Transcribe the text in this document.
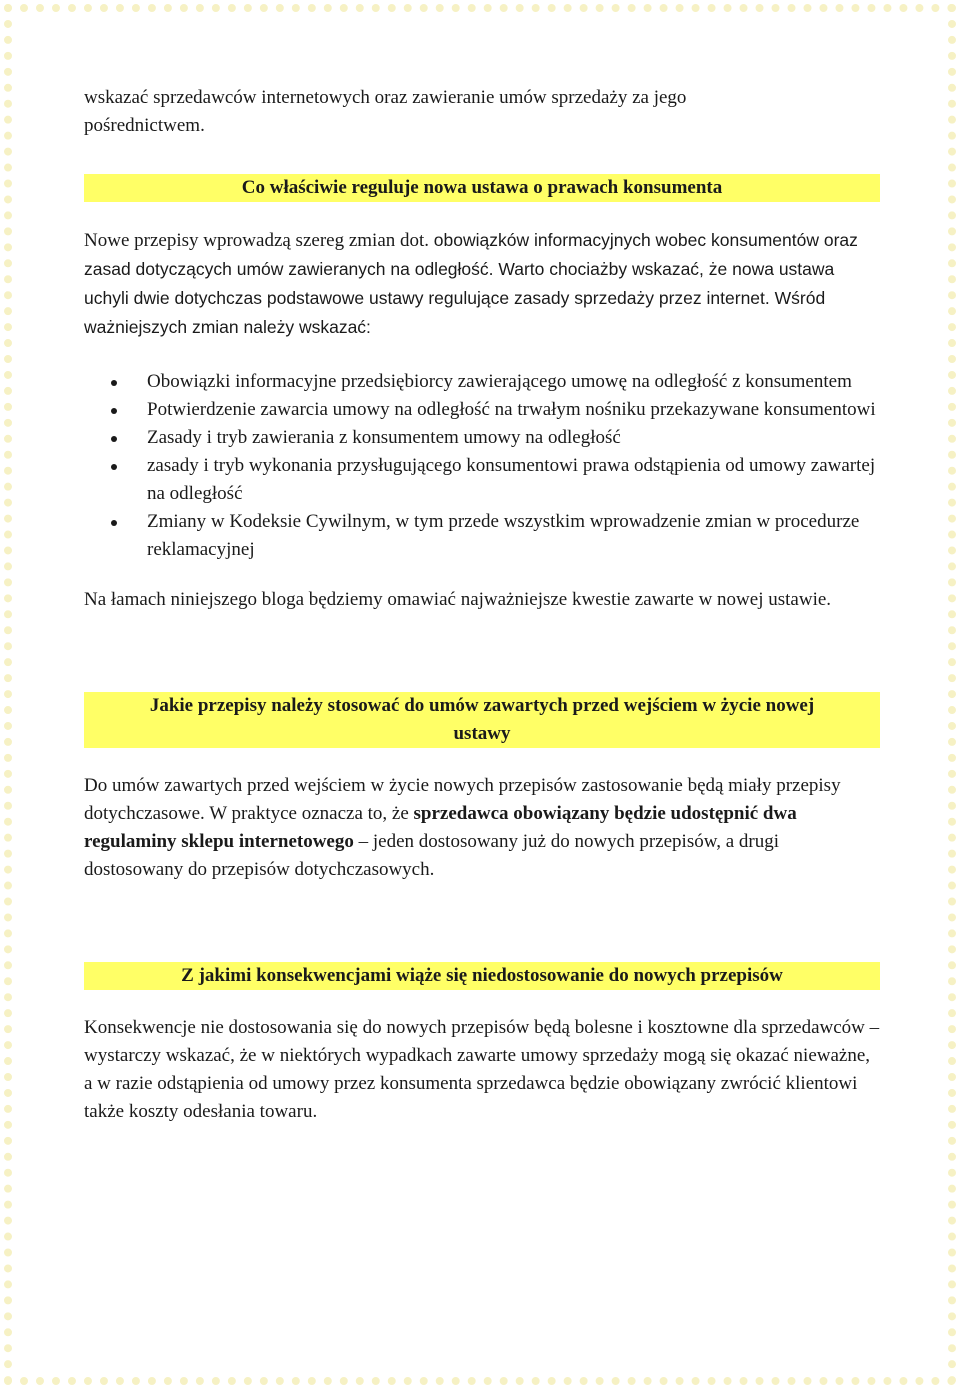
wskazać sprzedawców internetowych oraz zawieranie umów sprzedaży za jego
pośrednictwem.

Co właściwie reguluje nowa ustawa o prawach konsumenta

Nowe przepisy wprowadzą szereg zmian dot. obowiązków informacyjnych wobec konsumentów oraz zasad dotyczących umów zawieranych na odległość. Warto chociażby wskazać, że nowa ustawa uchyli dwie dotychczas podstawowe ustawy regulujące zasady sprzedaży przez internet. Wśród ważniejszych zmian należy wskazać:

Obowiązki informacyjne przedsiębiorcy zawierającego umowę na odległość z konsumentem
Potwierdzenie zawarcia umowy na odległość na trwałym nośniku przekazywane konsumentowi
Zasady i tryb zawierania z konsumentem umowy na odległość
zasady i tryb wykonania przysługującego konsumentowi prawa odstąpienia od umowy zawartej na odległość
Zmiany w Kodeksie Cywilnym, w tym przede wszystkim wprowadzenie zmian w procedurze reklamacyjnej

Na łamach niniejszego bloga będziemy omawiać najważniejsze kwestie zawarte w nowej ustawie.

Jakie przepisy należy stosować do umów zawartych przed wejściem w życie nowej ustawy

Do umów zawartych przed wejściem w życie nowych przepisów zastosowanie będą miały przepisy dotychczasowe. W praktyce oznacza to, że sprzedawca obowiązany będzie udostępnić dwa regulaminy sklepu internetowego – jeden dostosowany już do nowych przepisów, a drugi dostosowany do przepisów dotychczasowych.

Z jakimi konsekwencjami wiąże się niedostosowanie do nowych przepisów

Konsekwencje nie dostosowania się do nowych przepisów będą bolesne i kosztowne dla sprzedawców – wystarczy wskazać, że w niektórych wypadkach zawarte umowy sprzedaży mogą się okazać nieważne, a w razie odstąpienia od umowy przez konsumenta sprzedawca będzie obowiązany zwrócić klientowi także koszty odesłania towaru.
